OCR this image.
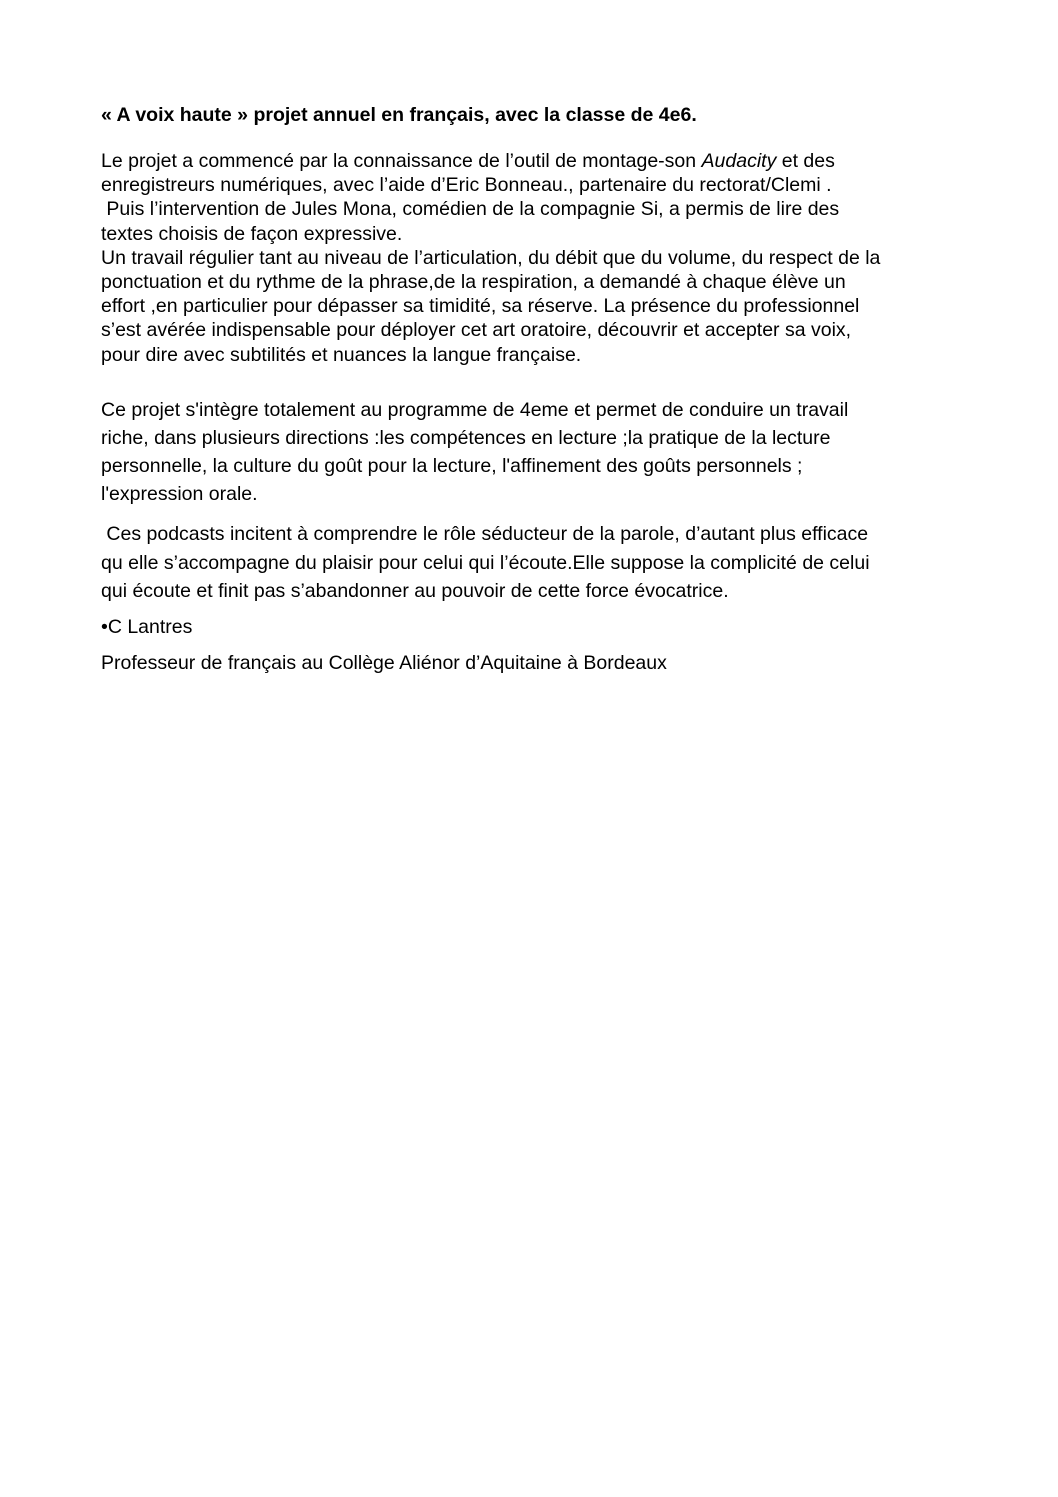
« A voix haute » projet annuel en français, avec la classe de 4e6.

Le projet a commencé par la connaissance de l’outil de montage-son Audacity et des
enregistreurs numériques, avec l’aide d’Eric Bonneau., partenaire du rectorat/Clemi .
Puis l’intervention de Jules Mona, comédien de la compagnie Si, a permis de lire des
textes choisis de façon expressive.
Un travail régulier tant au niveau de l’articulation, du débit que du volume, du respect de la
ponctuation et du rythme de la phrase,de la respiration, a demandé à chaque élève un
effort ,en particulier pour dépasser sa timidité, sa réserve. La présence du professionnel
s’est avérée indispensable pour déployer cet art oratoire, découvrir et accepter sa voix,
pour dire avec subtilités et nuances la langue française.
Ce projet s'intègre totalement au programme de 4eme et permet de conduire un travail
riche, dans plusieurs directions :les compétences en lecture ;la pratique de la lecture
personnelle, la culture du goût pour la lecture, l'affinement des goûts personnels ;
l'expression orale.
Ces podcasts incitent à comprendre le rôle séducteur de la parole, d’autant plus efficace
qu elle s’accompagne du plaisir pour celui qui l’écoute.Elle suppose la complicité de celui
qui écoute et finit pas s’abandonner au pouvoir de cette force évocatrice.

•C Lantres

Professeur de français au Collège Aliénor d’Aquitaine à Bordeaux
